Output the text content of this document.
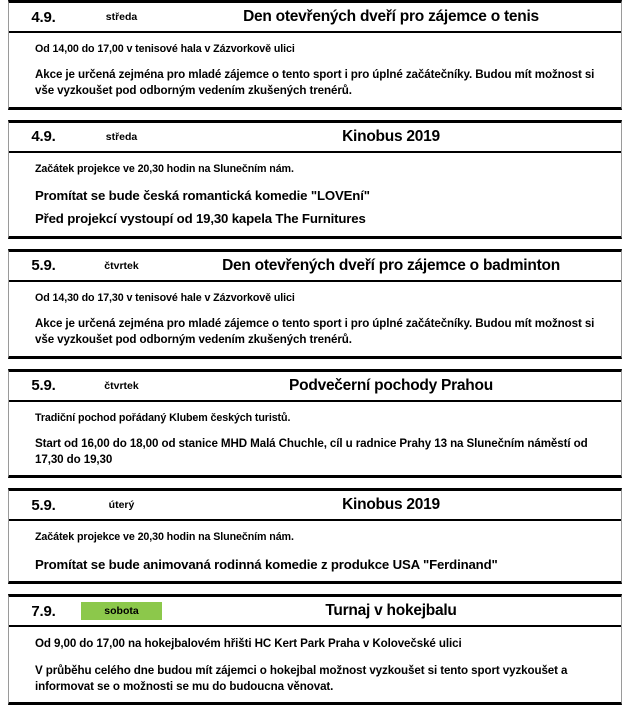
4.9.	středa	Den otevřených dveří pro zájemce o tenis

Od 14,00 do 17,00 v tenisové hala v Zázvorkově ulici

Akce je určená zejména pro mladé zájemce o tento sport i pro úplné začátečníky. Budou mít možnost si vše vyzkoušet pod odborným vedením zkušených trenérů.

4.9.	středa	Kinobus 2019

Začátek projekce ve 20,30 hodin na Slunečním nám.

Promítat se bude česká romantická komedie "LOVEní"

Před projekcí vystoupí od 19,30 kapela The Furnitures

5.9.	čtvrtek	Den otevřených dveří pro zájemce o badminton

Od 14,30 do 17,30 v tenisové hale v Zázvorkově ulici

Akce je určená zejména pro mladé zájemce o tento sport i pro úplné začátečníky. Budou mít možnost si vše vyzkoušet pod odborným vedením zkušených trenérů.

5.9.	čtvrtek	Podvečerní pochody Prahou

Tradiční pochod pořádaný Klubem českých turistů.

Start od 16,00 do 18,00 od stanice MHD Malá Chuchle, cíl u radnice Prahy 13 na Slunečním náměstí od 17,30 do 19,30

5.9.	úterý	Kinobus 2019

Začátek projekce ve 20,30 hodin na Slunečním nám.

Promítat se bude animovaná rodinná komedie z produkce USA "Ferdinand"

7.9.	sobota	Turnaj v hokejbalu

Od 9,00 do 17,00 na hokejbalovém hřišti HC Kert Park Praha v Kolovečské ulici

V průběhu celého dne budou mít zájemci o hokejbal možnost vyzkoušet si tento sport vyzkoušet a informovat se o možnosti se mu do budoucna věnovat.
